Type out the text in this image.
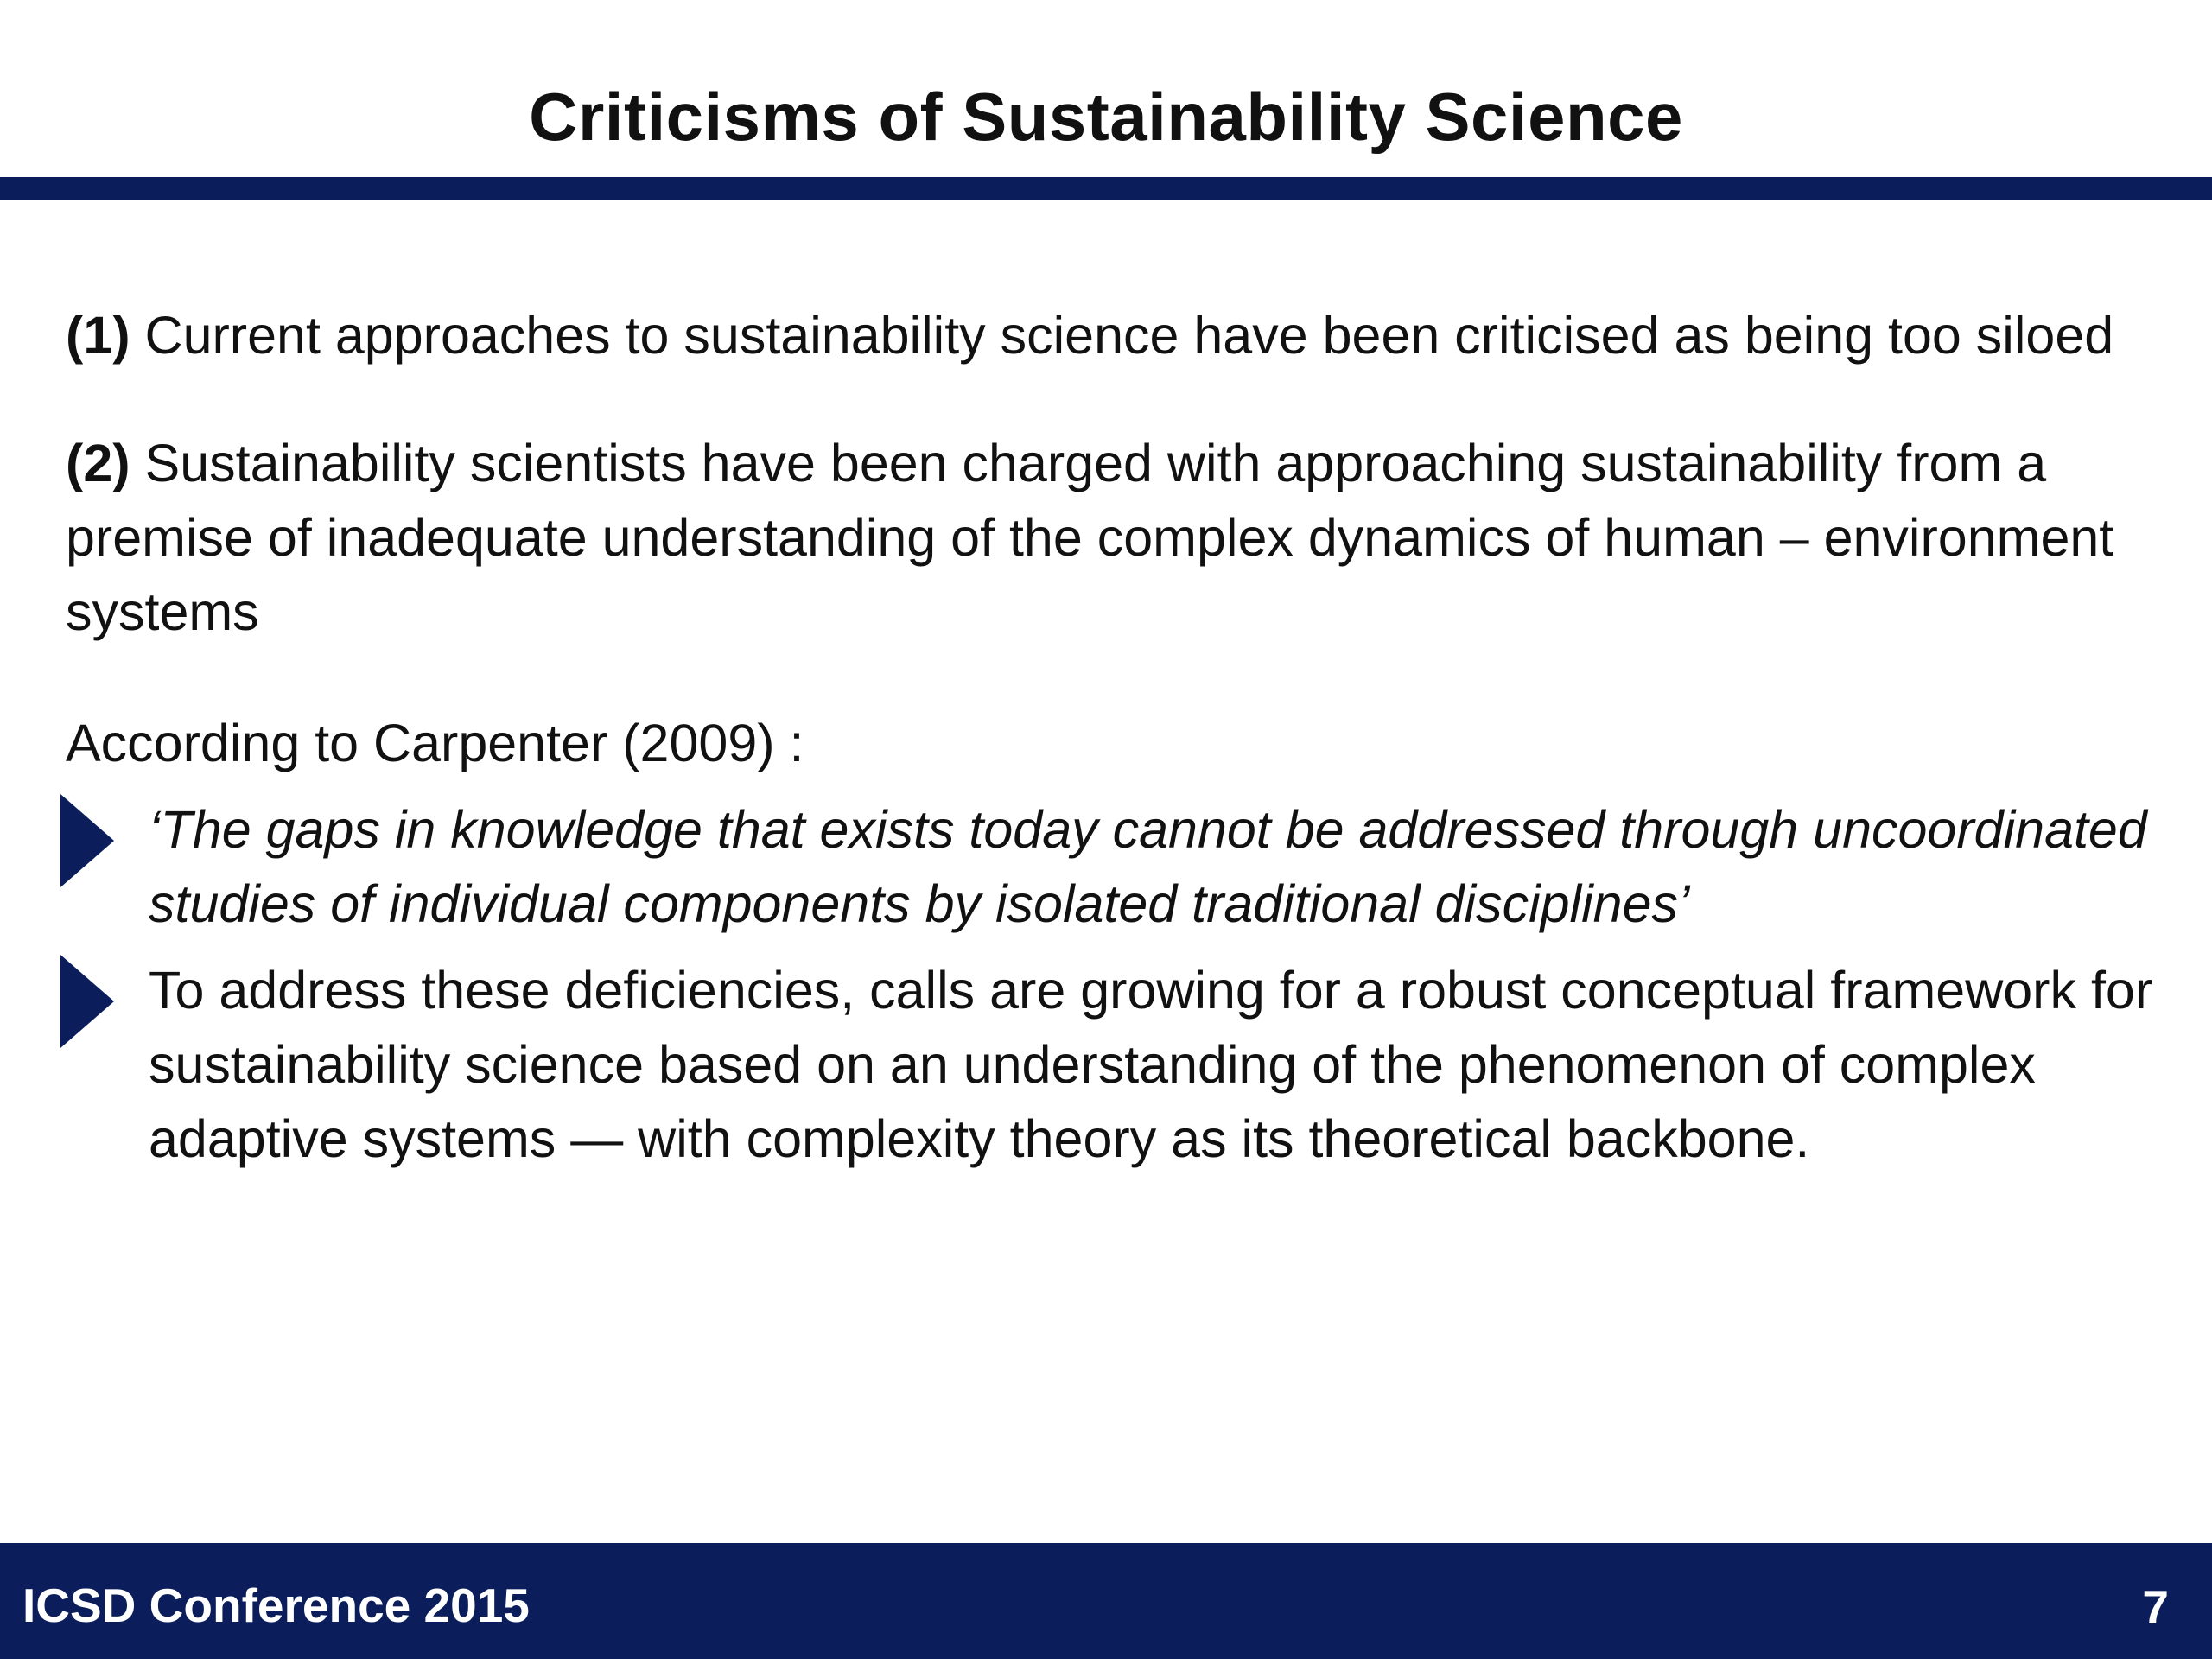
Criticisms of Sustainability Science

(1) Current approaches to sustainability science have been criticised as being too siloed

(2) Sustainability scientists have been charged with approaching sustainability from a premise of inadequate understanding of the complex dynamics of human – environment systems

According to Carpenter (2009) :

‘The gaps in knowledge that exists today cannot be addressed through uncoordinated studies of individual components by isolated traditional disciplines’
To address these deficiencies, calls are growing for a robust conceptual framework for sustainability science based on an understanding of the phenomenon of complex adaptive systems — with complexity theory as its theoretical backbone.
ICSD Conference 2015	7
